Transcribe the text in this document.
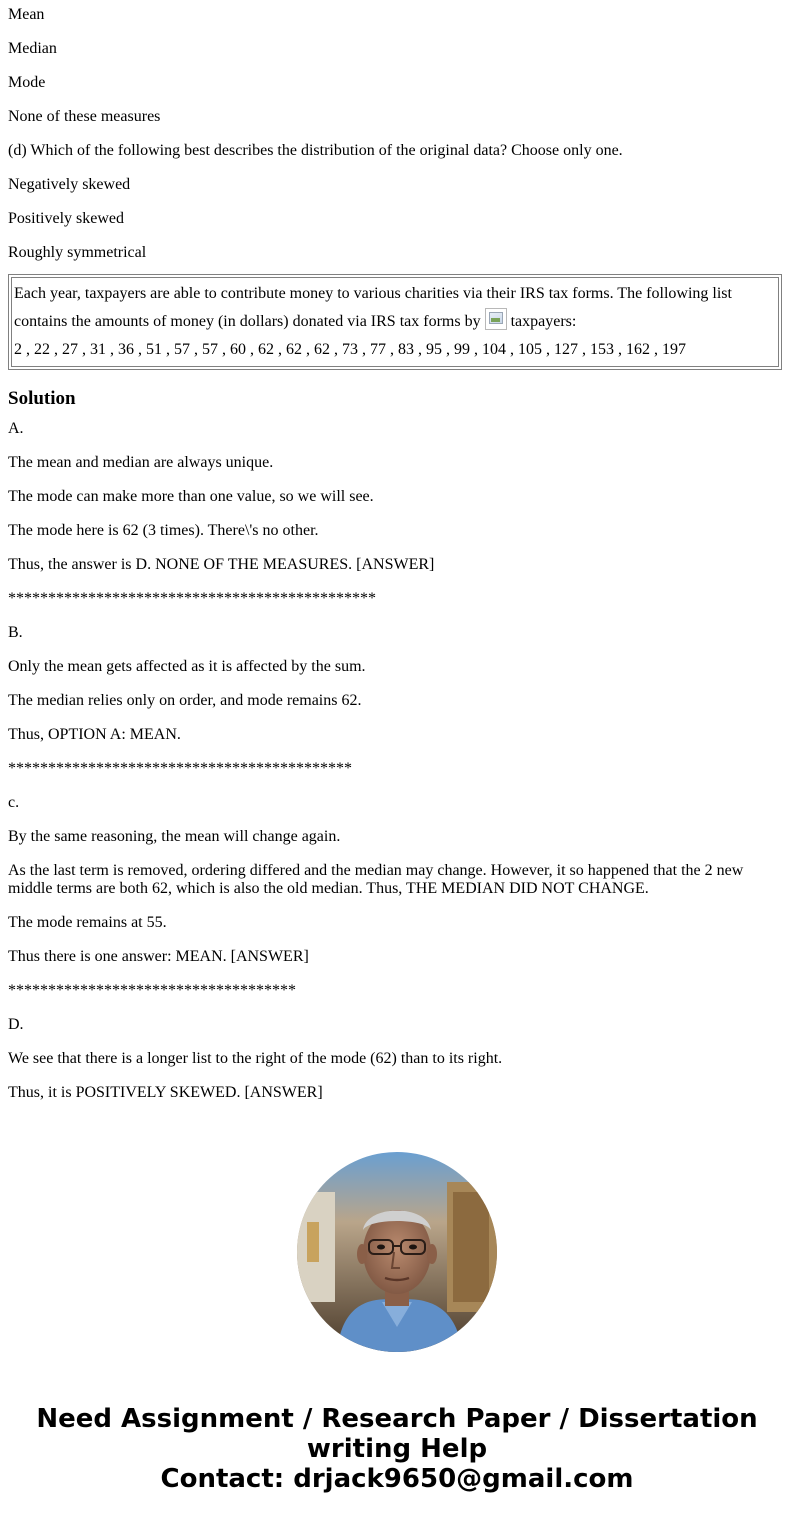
Mean

Median

Mode

None of these measures

(d) Which of the following best describes the distribution of the original data? Choose only one.

Negatively skewed

Positively skewed

Roughly symmetrical

Each year, taxpayers are able to contribute money to various charities via their IRS tax forms. The following list contains the amounts of money (in dollars) donated via IRS tax forms by taxpayers:

2 , 22 , 27 , 31 , 36 , 51 , 57 , 57 , 60 , 62 , 62 , 62 , 73 , 77 , 83 , 95 , 99 , 104 , 105 , 127 , 153 , 162 , 197

Solution

A.

The mean and median are always unique.

The mode can make more than one value, so we will see.

The mode here is 62 (3 times). There\'s no other.

Thus, the answer is D. NONE OF THE MEASURES. [ANSWER]

**********************************************

B.

Only the mean gets affected as it is affected by the sum.

The median relies only on order, and mode remains 62.

Thus, OPTION A: MEAN.

*******************************************

c.

By the same reasoning, the mean will change again.

As the last term is removed, ordering differed and the median may change. However, it so happened that the 2 new middle terms are both 62, which is also the old median. Thus, THE MEDIAN DID NOT CHANGE.

The mode remains at 55.

Thus there is one answer: MEAN. [ANSWER]

************************************

D.

We see that there is a longer list to the right of the mode (62) than to its right.

Thus, it is POSITIVELY SKEWED. [ANSWER]

Need Assignment / Research Paper / Dissertation
writing Help
Contact: drjack9650@gmail.com
